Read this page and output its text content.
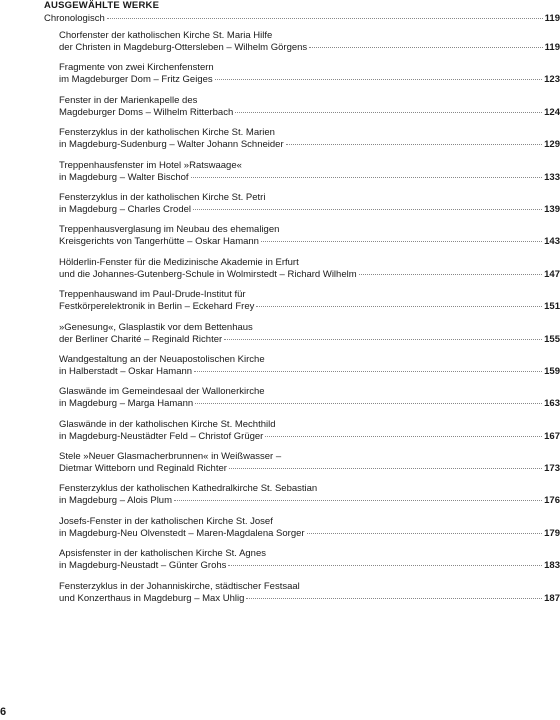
AUSGEWÄHLTE WERKE
Chronologisch	119
Chorfenster der katholischen Kirche St. Maria Hilfe
der Christen in Magdeburg-Ottersleben – Wilhelm Görgens	119
Fragmente von zwei Kirchenfenstern
im Magdeburger Dom – Fritz Geiges	123
Fenster in der Marienkapelle des
Magdeburger Doms – Wilhelm Ritterbach	124
Fensterzyklus in der katholischen Kirche St. Marien
in Magdeburg-Sudenburg – Walter Johann Schneider	129
Treppenhausfenster im Hotel »Ratswaage«
in Magdeburg – Walter Bischof	133
Fensterzyklus in der katholischen Kirche St. Petri
in Magdeburg – Charles Crodel	139
Treppenhausverglasung im Neubau des ehemaligen
Kreisgerichts von Tangerhütte – Oskar Hamann	143
Hölderlin-Fenster für die Medizinische Akademie in Erfurt
und die Johannes-Gutenberg-Schule in Wolmirstedt – Richard Wilhelm	147
Treppenhauswand im Paul-Drude-Institut für
Festkörperelektronik in Berlin – Eckehard Frey	151
»Genesung«, Glasplastik vor dem Bettenhaus
der Berliner Charité – Reginald Richter	155
Wandgestaltung an der Neuapostolischen Kirche
in Halberstadt – Oskar Hamann	159
Glaswände im Gemeindesaal der Wallonerkirche
in Magdeburg – Marga Hamann	163
Glaswände in der katholischen Kirche St. Mechthild
in Magdeburg-Neustädter Feld – Christof Grüger	167
Stele »Neuer Glasmacherbrunnen« in Weißwasser –
Dietmar Witteborn und Reginald Richter	173
Fensterzyklus der katholischen Kathedralkirche St. Sebastian
in Magdeburg – Alois Plum	176
Josefs-Fenster in der katholischen Kirche St. Josef
in Magdeburg-Neu Olvenstedt – Maren-Magdalena Sorger	179
Apsisfenster in der katholischen Kirche St. Agnes
in Magdeburg-Neustadt – Günter Grohs	183
Fensterzyklus in der Johanniskirche, städtischer Festsaal
und Konzerthaus in Magdeburg – Max Uhlig	187
6
